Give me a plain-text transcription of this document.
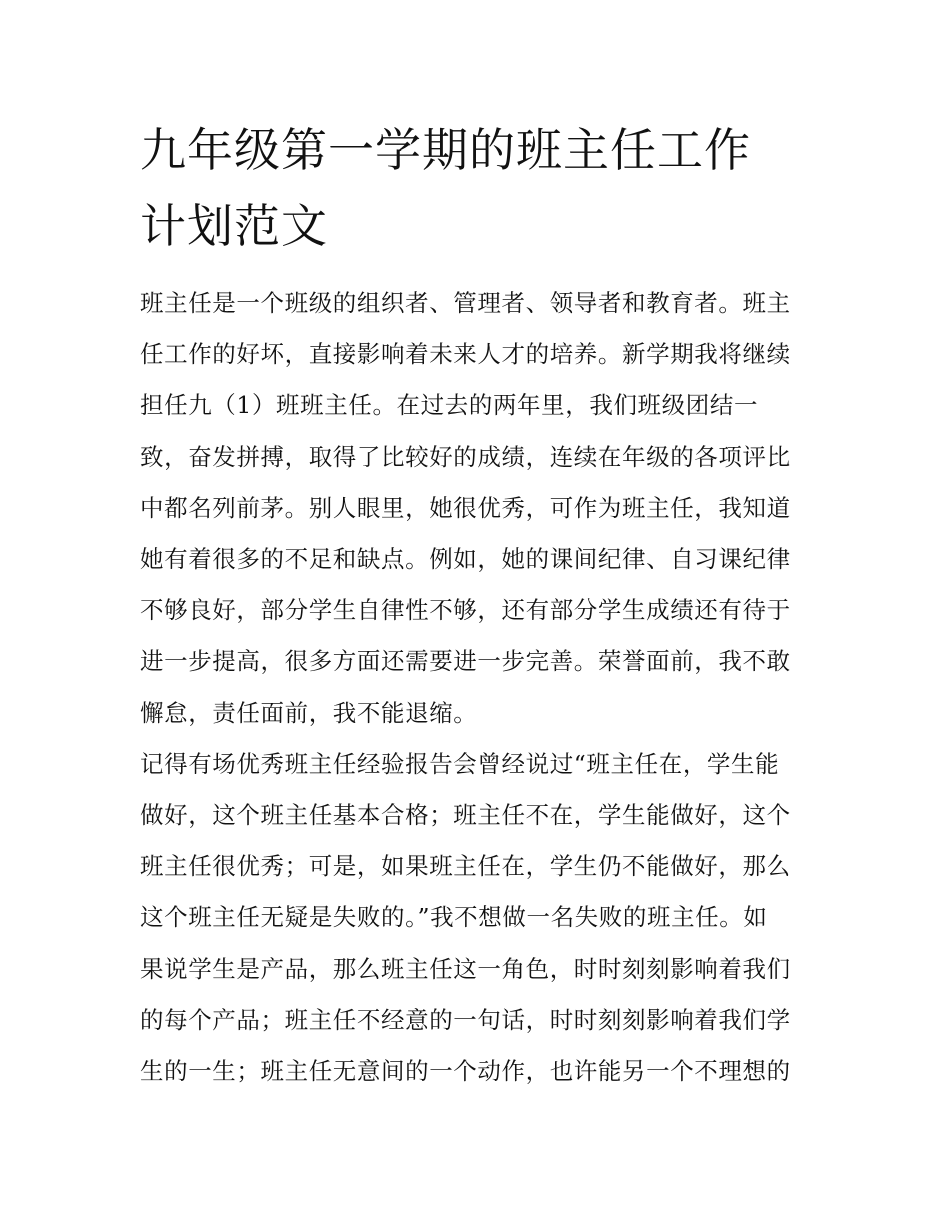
九年级第一学期的班主任工作
计划范文
班主任是一个班级的组织者、管理者、领导者和教育者。班主
任工作的好坏，直接影响着未来人才的培养。新学期我将继续
担任九（1）班班主任。在过去的两年里，我们班级团结一
致，奋发拼搏，取得了比较好的成绩，连续在年级的各项评比
中都名列前茅。别人眼里，她很优秀，可作为班主任，我知道
她有着很多的不足和缺点。例如，她的课间纪律、自习课纪律
不够良好，部分学生自律性不够，还有部分学生成绩还有待于
进一步提高，很多方面还需要进一步完善。荣誉面前，我不敢
懈怠，责任面前，我不能退缩。
记得有场优秀班主任经验报告会曾经说过“班主任在，学生能
做好，这个班主任基本合格；班主任不在，学生能做好，这个
班主任很优秀；可是，如果班主任在，学生仍不能做好，那么
这个班主任无疑是失败的。”我不想做一名失败的班主任。如
果说学生是产品，那么班主任这一角色，时时刻刻影响着我们
的每个产品；班主任不经意的一句话，时时刻刻影响着我们学
生的一生；班主任无意间的一个动作，也许能另一个不理想的
